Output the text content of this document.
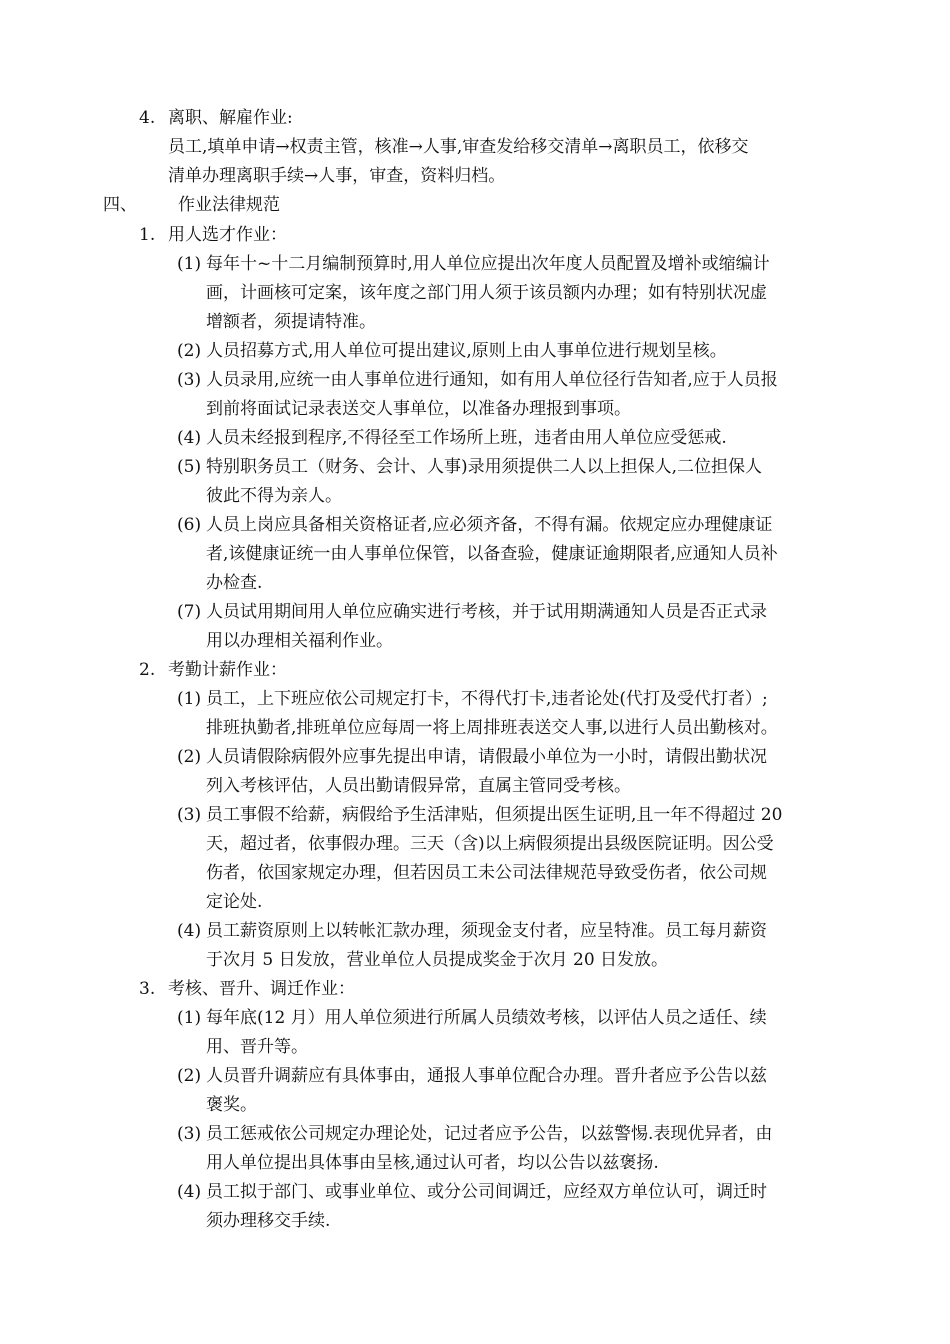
4. 离职、解雇作业:
员工,填单申请→权责主管，核准→人事,审查发给移交清单→离职员工，依移交
清单办理离职手续→人事，审查，资料归档。
四、 作业法律规范
1. 用人选才作业：
(1) 每年十~十二月编制预算时,用人单位应提出次年度人员配置及增补或缩编计
画，计画核可定案，该年度之部门用人须于该员额内办理；如有特别状况虚
增额者，须提请特准。
(2) 人员招募方式,用人单位可提出建议,原则上由人事单位进行规划呈核。
(3) 人员录用,应统一由人事单位进行通知，如有用人单位径行告知者,应于人员报
到前将面试记录表送交人事单位，以准备办理报到事项。
(4) 人员未经报到程序,不得径至工作场所上班，违者由用人单位应受惩戒.
(5) 特别职务员工（财务、会计、人事)录用须提供二人以上担保人,二位担保人
彼此不得为亲人。
(6) 人员上岗应具备相关资格证者,应必须齐备，不得有漏。依规定应办理健康证
者,该健康证统一由人事单位保管，以备查验，健康证逾期限者,应通知人员补
办检查.
(7) 人员试用期间用人单位应确实进行考核，并于试用期满通知人员是否正式录
用以办理相关福利作业。
2. 考勤计薪作业：
(1) 员工，上下班应依公司规定打卡，不得代打卡,违者论处(代打及受代打者）;
排班执勤者,排班单位应每周一将上周排班表送交人事,以进行人员出勤核对。
(2) 人员请假除病假外应事先提出申请，请假最小单位为一小时，请假出勤状况
列入考核评估，人员出勤请假异常，直属主管同受考核。
(3) 员工事假不给薪，病假给予生活津贴，但须提出医生证明,且一年不得超过 20
天，超过者，依事假办理。三天（含)以上病假须提出县级医院证明。因公受
伤者，依国家规定办理，但若因员工未公司法律规范导致受伤者，依公司规
定论处.
(4) 员工薪资原则上以转帐汇款办理，须现金支付者，应呈特准。员工每月薪资
于次月 5 日发放，营业单位人员提成奖金于次月 20 日发放。
3. 考核、晋升、调迁作业：
(1) 每年底(12 月）用人单位须进行所属人员绩效考核，以评估人员之适任、续
用、晋升等。
(2) 人员晋升调薪应有具体事由，通报人事单位配合办理。晋升者应予公告以兹
褒奖。
(3) 员工惩戒依公司规定办理论处，记过者应予公告，以兹警惕.表现优异者，由
用人单位提出具体事由呈核,通过认可者，均以公告以兹褒扬.
(4) 员工拟于部门、或事业单位、或分公司间调迁，应经双方单位认可，调迁时
须办理移交手续.
